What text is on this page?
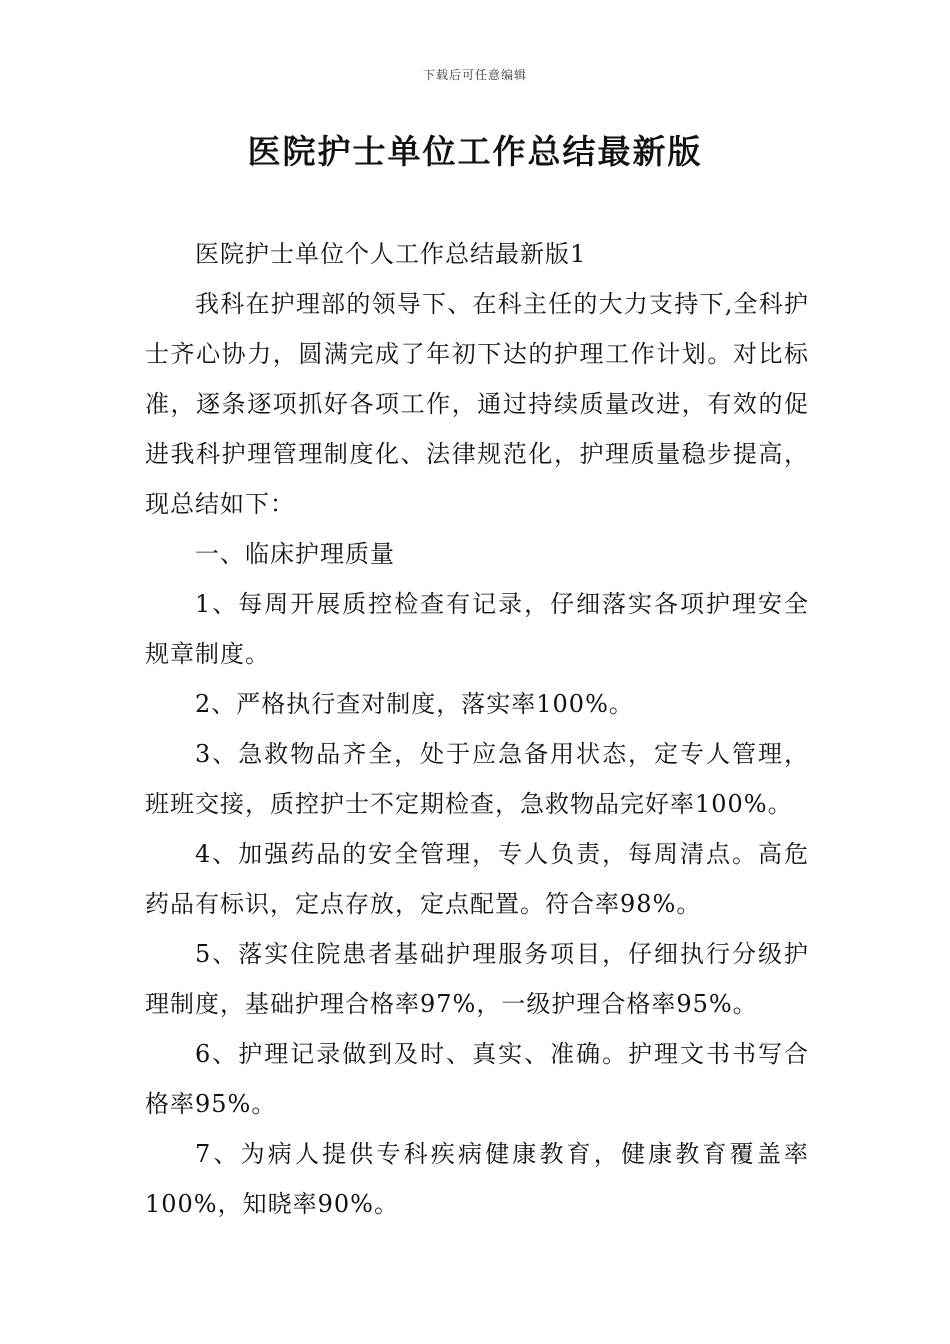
下载后可任意编辑
医院护士单位工作总结最新版

医院护士单位个人工作总结最新版1

我科在护理部的领导下、在科主任的大力支持下,全科护士齐心协力，圆满完成了年初下达的护理工作计划。对比标准，逐条逐项抓好各项工作，通过持续质量改进，有效的促进我科护理管理制度化、法律规范化，护理质量稳步提高，现总结如下：

一、临床护理质量

1、每周开展质控检查有记录，仔细落实各项护理安全规章制度。

2、严格执行查对制度，落实率100%。

3、急救物品齐全，处于应急备用状态，定专人管理，班班交接，质控护士不定期检查，急救物品完好率100%。

4、加强药品的安全管理，专人负责，每周清点。高危药品有标识，定点存放，定点配置。符合率98%。

5、落实住院患者基础护理服务项目，仔细执行分级护理制度，基础护理合格率97%，一级护理合格率95%。

6、护理记录做到及时、真实、准确。护理文书书写合格率95%。

7、为病人提供专科疾病健康教育，健康教育覆盖率100%，知晓率90%。
